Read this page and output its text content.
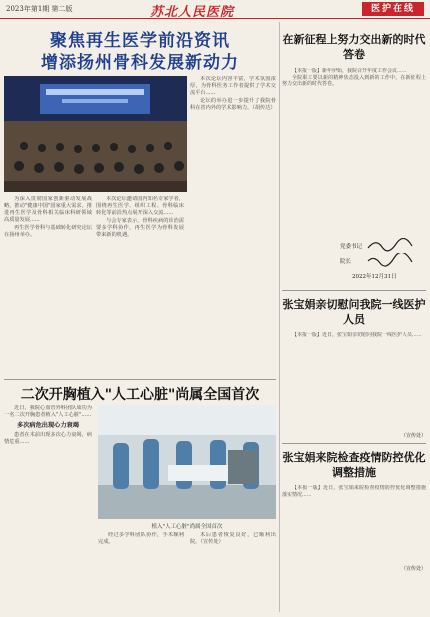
2023年第1期 第二版	苏北人民医院	医护在线
聚焦再生医学前沿资讯
增添扬州骨科发展新动力

为深入贯彻国家创新驱动发展战略，推动"健康中国"国家重大需求，推进再生医学及骨科相关临床科研领域高质量发展......

再生医学骨科与基础转化研究论坛在扬州举办。

本次论坛邀请国内知名专家学者，围绕再生医学、组织工程、骨科临床转化等前沿热点展开深入交流......

与会专家表示，骨科疾病的诊治需要多学科协作，再生医学为骨科发展带来新的机遇。

本次论坛内容丰富，学术氛围浓厚，为骨科医务工作者提供了学术交流平台......

论坛的举办进一步提升了我院骨科在省内外的学术影响力。（胡传达）

二次开胸植入"人工心脏"尚属全国首次

近日，我院心血管外科团队成功为一名二次开胸患者植入"人工心脏"......

多次病危出现心力衰竭

患者在术前出现多次心力衰竭，病情危重......

植入"人工心脏"尚属全国首次

经过多学科团队协作，手术顺利完成。

术后患者恢复良好，已顺利出院。（宣传处）

在新征程上努力交出新的时代答卷

【本报一版】新年伊始，我院召开年度工作会议......

全院职工要以新的精神状态投入到新的工作中，在新征程上努力交出新的时代答卷。

党委书记
院长
2022年12月31日
张宝娟亲切慰问我院一线医护人员

【本报一版】近日，张宝娟亲切慰问我院一线医护人员......

（宣传处）
张宝娟来院检查疫情防控优化调整措施

【本报一版】近日，张宝娟来院检查疫情防控优化调整措施落实情况......

（宣传处）
